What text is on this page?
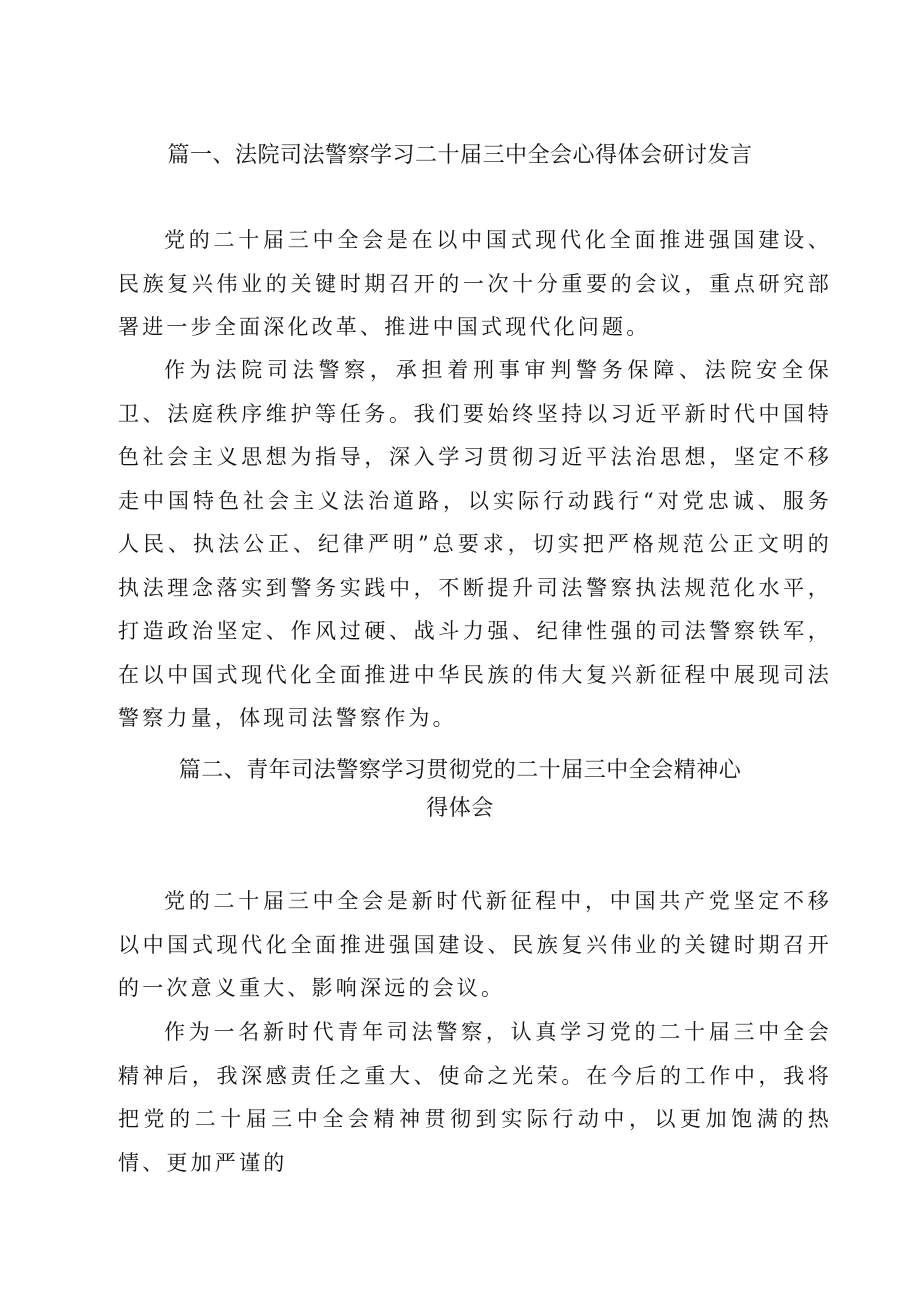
篇一、法院司法警察学习二十届三中全会心得体会研讨发言

党的二十届三中全会是在以中国式现代化全面推进强国建设、民族复兴伟业的关键时期召开的一次十分重要的会议，重点研究部署进一步全面深化改革、推进中国式现代化问题。

作为法院司法警察，承担着刑事审判警务保障、法院安全保卫、法庭秩序维护等任务。我们要始终坚持以习近平新时代中国特色社会主义思想为指导，深入学习贯彻习近平法治思想，坚定不移走中国特色社会主义法治道路，以实际行动践行“对党忠诚、服务人民、执法公正、纪律严明”总要求，切实把严格规范公正文明的执法理念落实到警务实践中，不断提升司法警察执法规范化水平，打造政治坚定、作风过硬、战斗力强、纪律性强的司法警察铁军，在以中国式现代化全面推进中华民族的伟大复兴新征程中展现司法警察力量，体现司法警察作为。

篇二、青年司法警察学习贯彻党的二十届三中全会精神心
得体会

党的二十届三中全会是新时代新征程中，中国共产党坚定不移以中国式现代化全面推进强国建设、民族复兴伟业的关键时期召开的一次意义重大、影响深远的会议。

作为一名新时代青年司法警察，认真学习党的二十届三中全会精神后，我深感责任之重大、使命之光荣。在今后的工作中，我将把党的二十届三中全会精神贯彻到实际行动中，以更加饱满的热情、更加严谨的
